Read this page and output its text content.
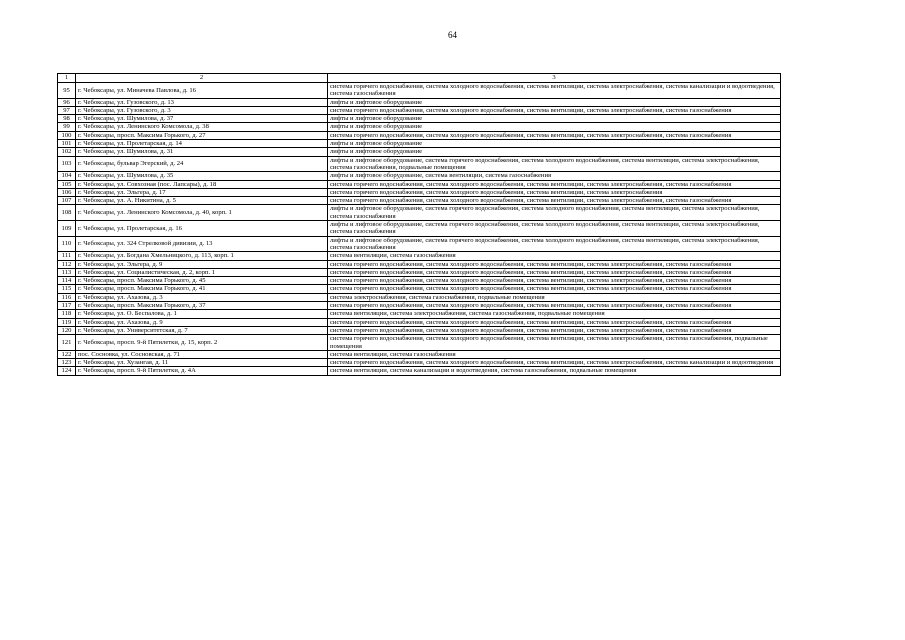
64
1	2	3
95	г. Чебоксары, ул. Миначева Павлова, д. 16	система горячего водоснабжения, система холодного водоснабжения, система вентиляции, система электроснабжения, система канализации и водоотведения, система газоснабжения
96	г. Чебоксары, ул. Гузовского, д. 13	лифты и лифтовое оборудование
97	г. Чебоксары, ул. Гузовского, д. 3	система горячего водоснабжения, система холодного водоснабжения, система вентиляции, система электроснабжения, система газоснабжения
98	г. Чебоксары, ул. Шумилова, д. 37	лифты и лифтовое оборудование
99	г. Чебоксары, ул. Ленинского Комсомола, д. 38	лифты и лифтовое оборудование
100	г. Чебоксары, просп. Максима Горького, д. 27	система горячего водоснабжения, система холодного водоснабжения, система вентиляции, система электроснабжения, система газоснабжения
101	г. Чебоксары, ул. Пролетарская, д. 14	лифты и лифтовое оборудование
102	г. Чебоксары, ул. Шумилова, д. 31	лифты и лифтовое оборудование
103	г. Чебоксары, бульвар Эгерский, д. 24	лифты и лифтовое оборудование, система горячего водоснабжения, система холодного водоснабжения, система вентиляции, система электроснабжения, система газоснабжения, подвальные помещения
104	г. Чебоксары, ул. Шумилова, д. 35	лифты и лифтовое оборудование, система вентиляции, система газоснабжения
105	г. Чебоксары, ул. Совхозная (пос. Лапсары), д. 18	система горячего водоснабжения, система холодного водоснабжения, система вентиляции, система электроснабжения, система газоснабжения
106	г. Чебоксары, ул. Эльгера, д. 17	система горячего водоснабжения, система холодного водоснабжения, система вентиляции, система электроснабжения
107	г. Чебоксары, ул. А. Никитина, д. 5	система горячего водоснабжения, система холодного водоснабжения, система вентиляции, система электроснабжения, система газоснабжения
108	г. Чебоксары, ул. Ленинского Комсомола, д. 40, корп. 1	лифты и лифтовое оборудование, система горячего водоснабжения, система холодного водоснабжения, система вентиляции, система электроснабжения, система газоснабжения
109	г. Чебоксары, ул. Пролетарская, д. 16	лифты и лифтовое оборудование, система горячего водоснабжения, система холодного водоснабжения, система вентиляции, система электроснабжения, система газоснабжения
110	г. Чебоксары, ул. 324 Стрелковой дивизии, д. 13	лифты и лифтовое оборудование, система горячего водоснабжения, система холодного водоснабжения, система вентиляции, система электроснабжения, система газоснабжения
111	г. Чебоксары, ул. Богдана Хмельницкого, д. 113, корп. 1	система вентиляции, система газоснабжения
112	г. Чебоксары, ул. Эльгера, д. 9	система горячего водоснабжения, система холодного водоснабжения, система вентиляции, система электроснабжения, система газоснабжения
113	г. Чебоксары, ул. Социалистическая, д. 2, корп. 1	система горячего водоснабжения, система холодного водоснабжения, система вентиляции, система электроснабжения, система газоснабжения
114	г. Чебоксары, просп. Максима Горького, д. 45	система горячего водоснабжения, система холодного водоснабжения, система вентиляции, система электроснабжения, система газоснабжения
115	г. Чебоксары, просп. Максима Горького, д. 41	система горячего водоснабжения, система холодного водоснабжения, система вентиляции, система электроснабжения, система газоснабжения
116	г. Чебоксары, ул. Ахазова, д. 3	система электроснабжения, система газоснабжения, подвальные помещения
117	г. Чебоксары, просп. Максима Горького, д. 37	система горячего водоснабжения, система холодного водоснабжения, система вентиляции, система электроснабжения, система газоснабжения
118	г. Чебоксары, ул. О. Беспалова, д. 1	система вентиляции, система электроснабжения, система газоснабжения, подвальные помещения
119	г. Чебоксары, ул. Ахазова, д. 9	система горячего водоснабжения, система холодного водоснабжения, система вентиляции, система электроснабжения, система газоснабжения
120	г. Чебоксары, ул. Университетская, д. 7	система горячего водоснабжения, система холодного водоснабжения, система вентиляции, система электроснабжения, система газоснабжения
121	г. Чебоксары, просп. 9-й Пятилетки, д. 15, корп. 2	система горячего водоснабжения, система холодного водоснабжения, система вентиляции, система электроснабжения, система газоснабжения, подвальные помещения
122	пос. Сосновка, ул. Сосновская, д. 71	система вентиляции, система газоснабжения
123	г. Чебоксары, ул. Хузангая, д. 11	система горячего водоснабжения, система холодного водоснабжения, система вентиляции, система электроснабжения, система канализации и водоотведения
124	г. Чебоксары, просп. 9-й Пятилетки, д. 4А	система вентиляции, система канализации и водоотведения, система газоснабжения, подвальные помещения
